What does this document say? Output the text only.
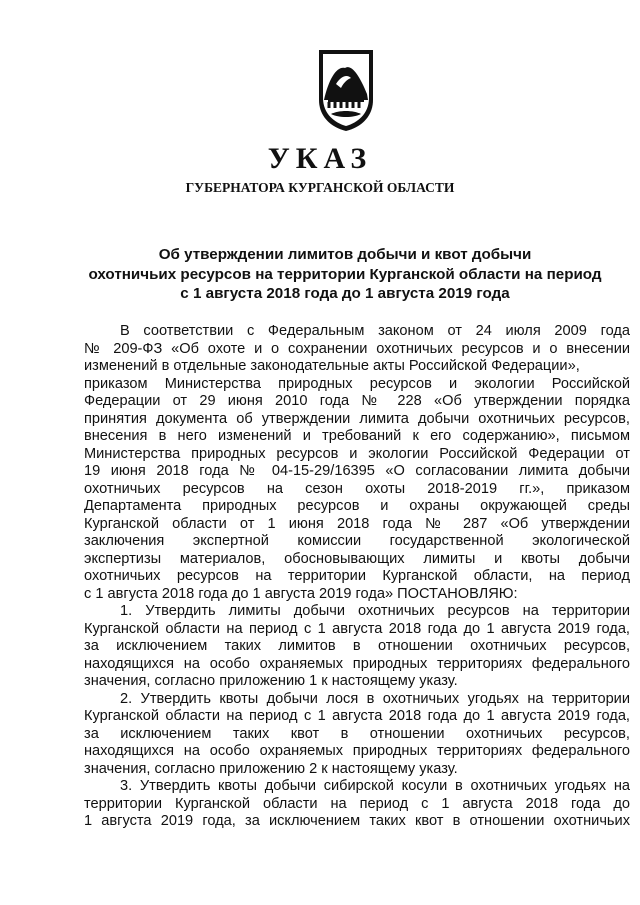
УКАЗ
ГУБЕРНАТОРА КУРГАНСКОЙ ОБЛАСТИ
Об утверждении лимитов добычи и квот добычи
охотничьих ресурсов на территории Курганской области на период
с 1 августа 2018 года до 1 августа 2019 года
В соответствии с Федеральным законом от 24 июля 2009 года
№ 209-ФЗ «Об охоте и о сохранении охотничьих ресурсов и о внесении
изменений в отдельные законодательные акты Российской Федерации»,
приказом Министерства природных ресурсов и экологии Российской
Федерации от 29 июня 2010 года № 228 «Об утверждении порядка
принятия документа об утверждении лимита добычи охотничьих ресурсов,
внесения в него изменений и требований к его содержанию», письмом
Министерства природных ресурсов и экологии Российской Федерации от
19 июня 2018 года № 04-15-29/16395 «О согласовании лимита добычи
охотничьих ресурсов на сезон охоты 2018-2019 гг.», приказом
Департамента природных ресурсов и охраны окружающей среды
Курганской области от 1 июня 2018 года № 287 «Об утверждении
заключения экспертной комиссии государственной экологической
экспертизы материалов, обосновывающих лимиты и квоты добычи
охотничьих ресурсов на территории Курганской области, на период
с 1 августа 2018 года до 1 августа 2019 года» ПОСТАНОВЛЯЮ:
1. Утвердить лимиты добычи охотничьих ресурсов на территории
Курганской области на период с 1 августа 2018 года до 1 августа 2019 года,
за исключением таких лимитов в отношении охотничьих ресурсов,
находящихся на особо охраняемых природных территориях федерального
значения, согласно приложению 1 к настоящему указу.
2. Утвердить квоты добычи лося в охотничьих угодьях на территории
Курганской области на период с 1 августа 2018 года до 1 августа 2019 года,
за исключением таких квот в отношении охотничьих ресурсов,
находящихся на особо охраняемых природных территориях федерального
значения, согласно приложению 2 к настоящему указу.
3. Утвердить квоты добычи сибирской косули в охотничьих угодьях на
территории Курганской области на период с 1 августа 2018 года до
1 августа 2019 года, за исключением таких квот в отношении охотничьих
